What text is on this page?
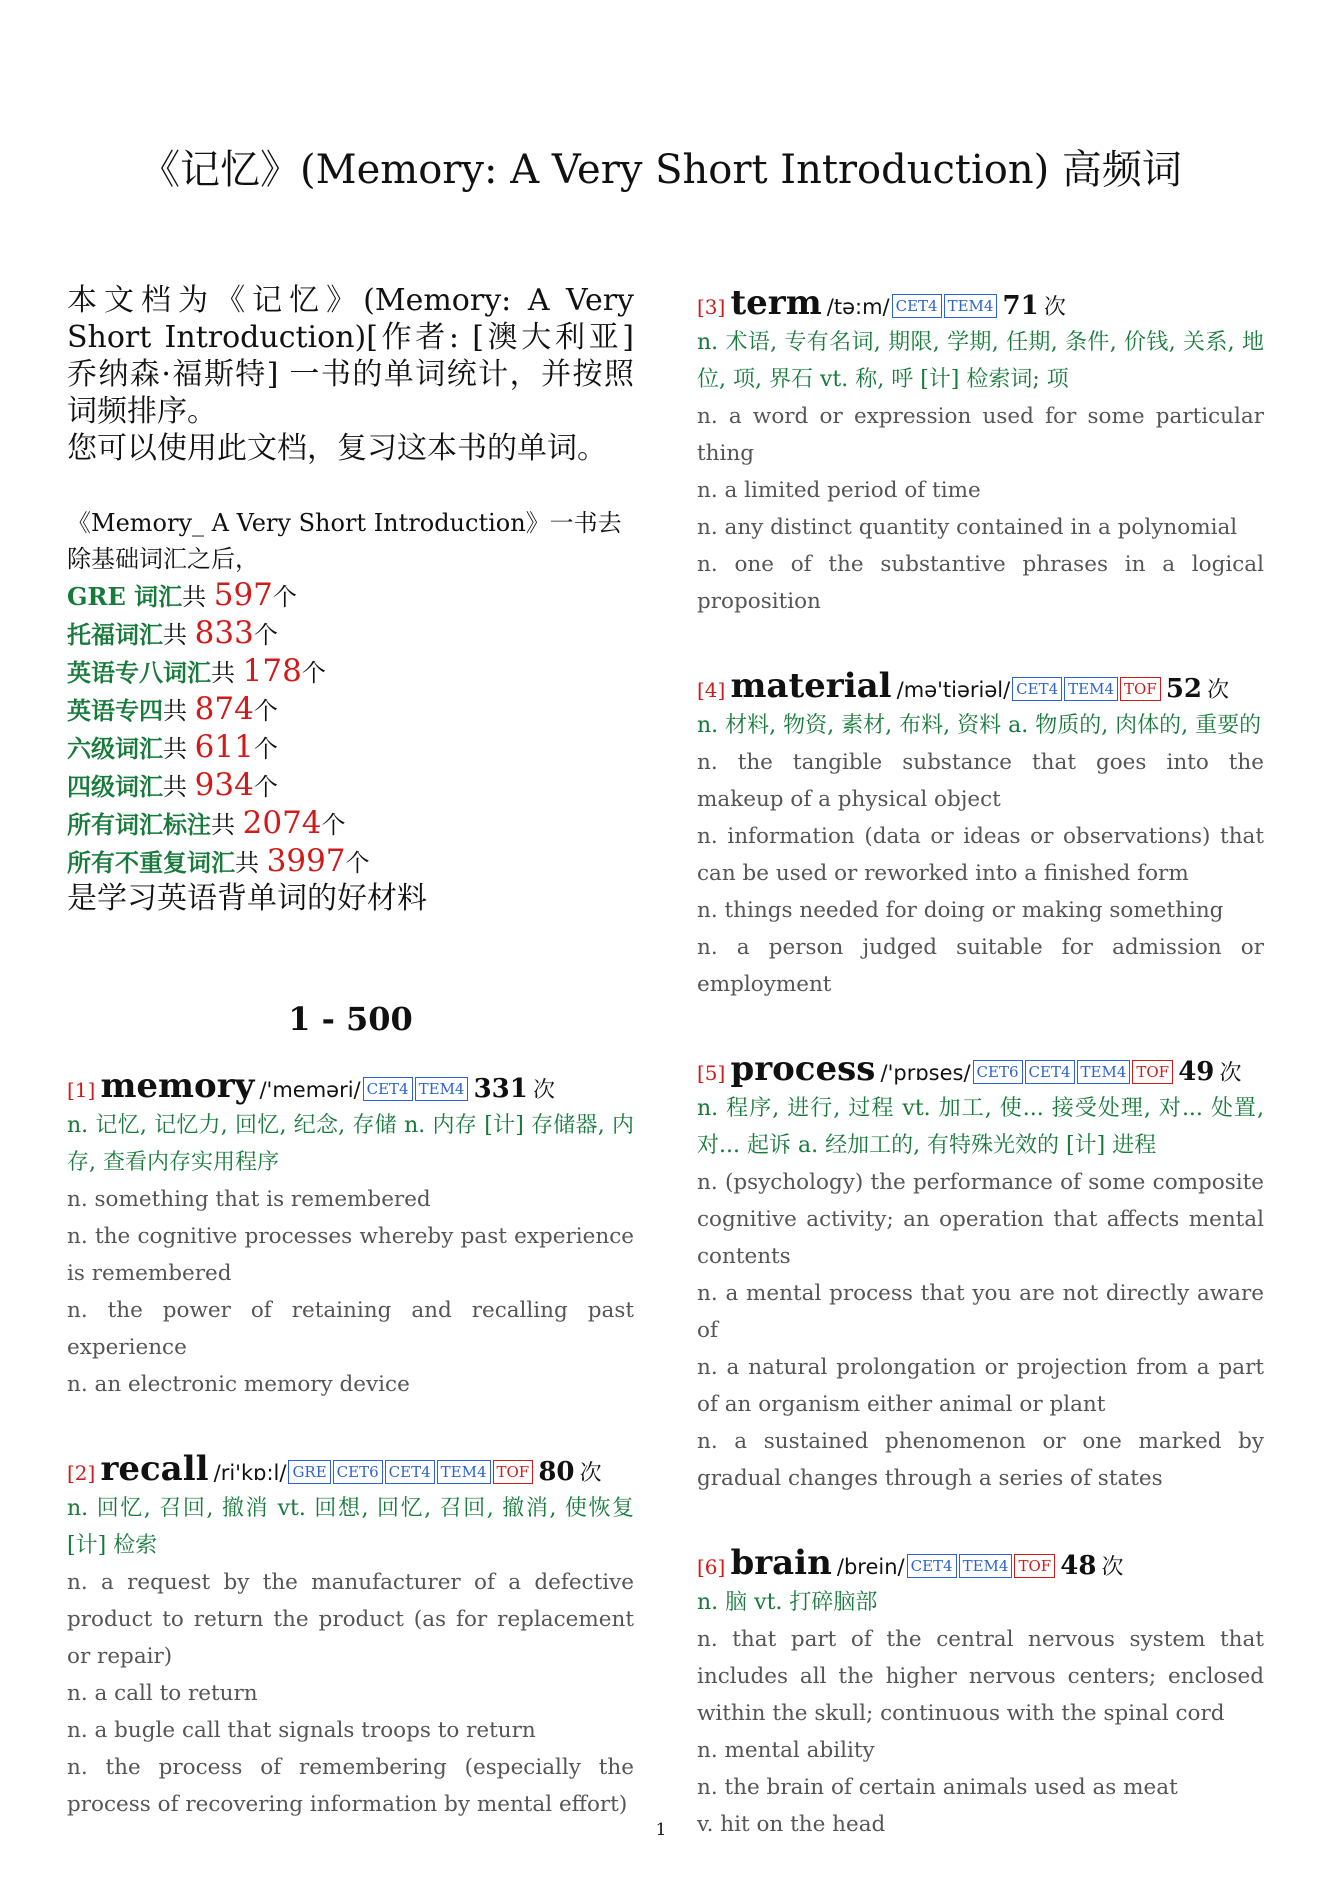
《记忆》(Memory: A Very Short Introduction) 高频词

本文档为《记忆》(Memory: A Very Short Introduction)[作者: [澳大利亚] 乔纳森·福斯特] 一书的单词统计，并按照词频排序。
您可以使用此文档，复习这本书的单词。

《Memory_ A Very Short Introduction》一书去除基础词汇之后，
GRE 词汇共 597个
托福词汇共 833个
英语专八词汇共 178个
英语专四共 874个
六级词汇共 611个
四级词汇共 934个
所有词汇标注共 2074个
所有不重复词汇共 3997个
是学习英语背单词的好材料
1 - 500
[1] memory /'meməri/ CET4 TEM4 331 次

n. 记忆, 记忆力, 回忆, 纪念, 存储 n. 内存 [计] 存储器, 内存, 查看内存实用程序

n. something that is remembered
n. the cognitive processes whereby past experience is remembered
n. the power of retaining and recalling past experience
n. an electronic memory device
[2] recall /ri'kɒ:l/ GRE CET6 CET4 TEM4 TOF 80 次

n. 回忆, 召回, 撤消 vt. 回想, 回忆, 召回, 撤消, 使恢复 [计] 检索

n. a request by the manufacturer of a defective product to return the product (as for replacement or repair)
n. a call to return
n. a bugle call that signals troops to return
n. the process of remembering (especially the process of recovering information by mental effort)
[3] term /tə:m/ CET4 TEM4 71 次

n. 术语, 专有名词, 期限, 学期, 任期, 条件, 价钱, 关系, 地位, 项, 界石 vt. 称, 呼 [计] 检索词; 项

n. a word or expression used for some particular thing
n. a limited period of time
n. any distinct quantity contained in a polynomial
n. one of the substantive phrases in a logical proposition
[4] material /mə'tiəriəl/ CET4 TEM4 TOF 52 次

n. 材料, 物资, 素材, 布料, 资料 a. 物质的, 肉体的, 重要的

n. the tangible substance that goes into the makeup of a physical object
n. information (data or ideas or observations) that can be used or reworked into a finished form
n. things needed for doing or making something
n. a person judged suitable for admission or employment
[5] process /'prɒses/ CET6 CET4 TEM4 TOF 49 次

n. 程序, 进行, 过程 vt. 加工, 使... 接受处理, 对... 处置, 对... 起诉 a. 经加工的, 有特殊光效的 [计] 进程

n. (psychology) the performance of some composite cognitive activity; an operation that affects mental contents
n. a mental process that you are not directly aware of
n. a natural prolongation or projection from a part of an organism either animal or plant
n. a sustained phenomenon or one marked by gradual changes through a series of states
[6] brain /brein/ CET4 TEM4 TOF 48 次

n. 脑 vt. 打碎脑部

n. that part of the central nervous system that includes all the higher nervous centers; enclosed within the skull; continuous with the spinal cord
n. mental ability
n. the brain of certain animals used as meat
v. hit on the head
1
